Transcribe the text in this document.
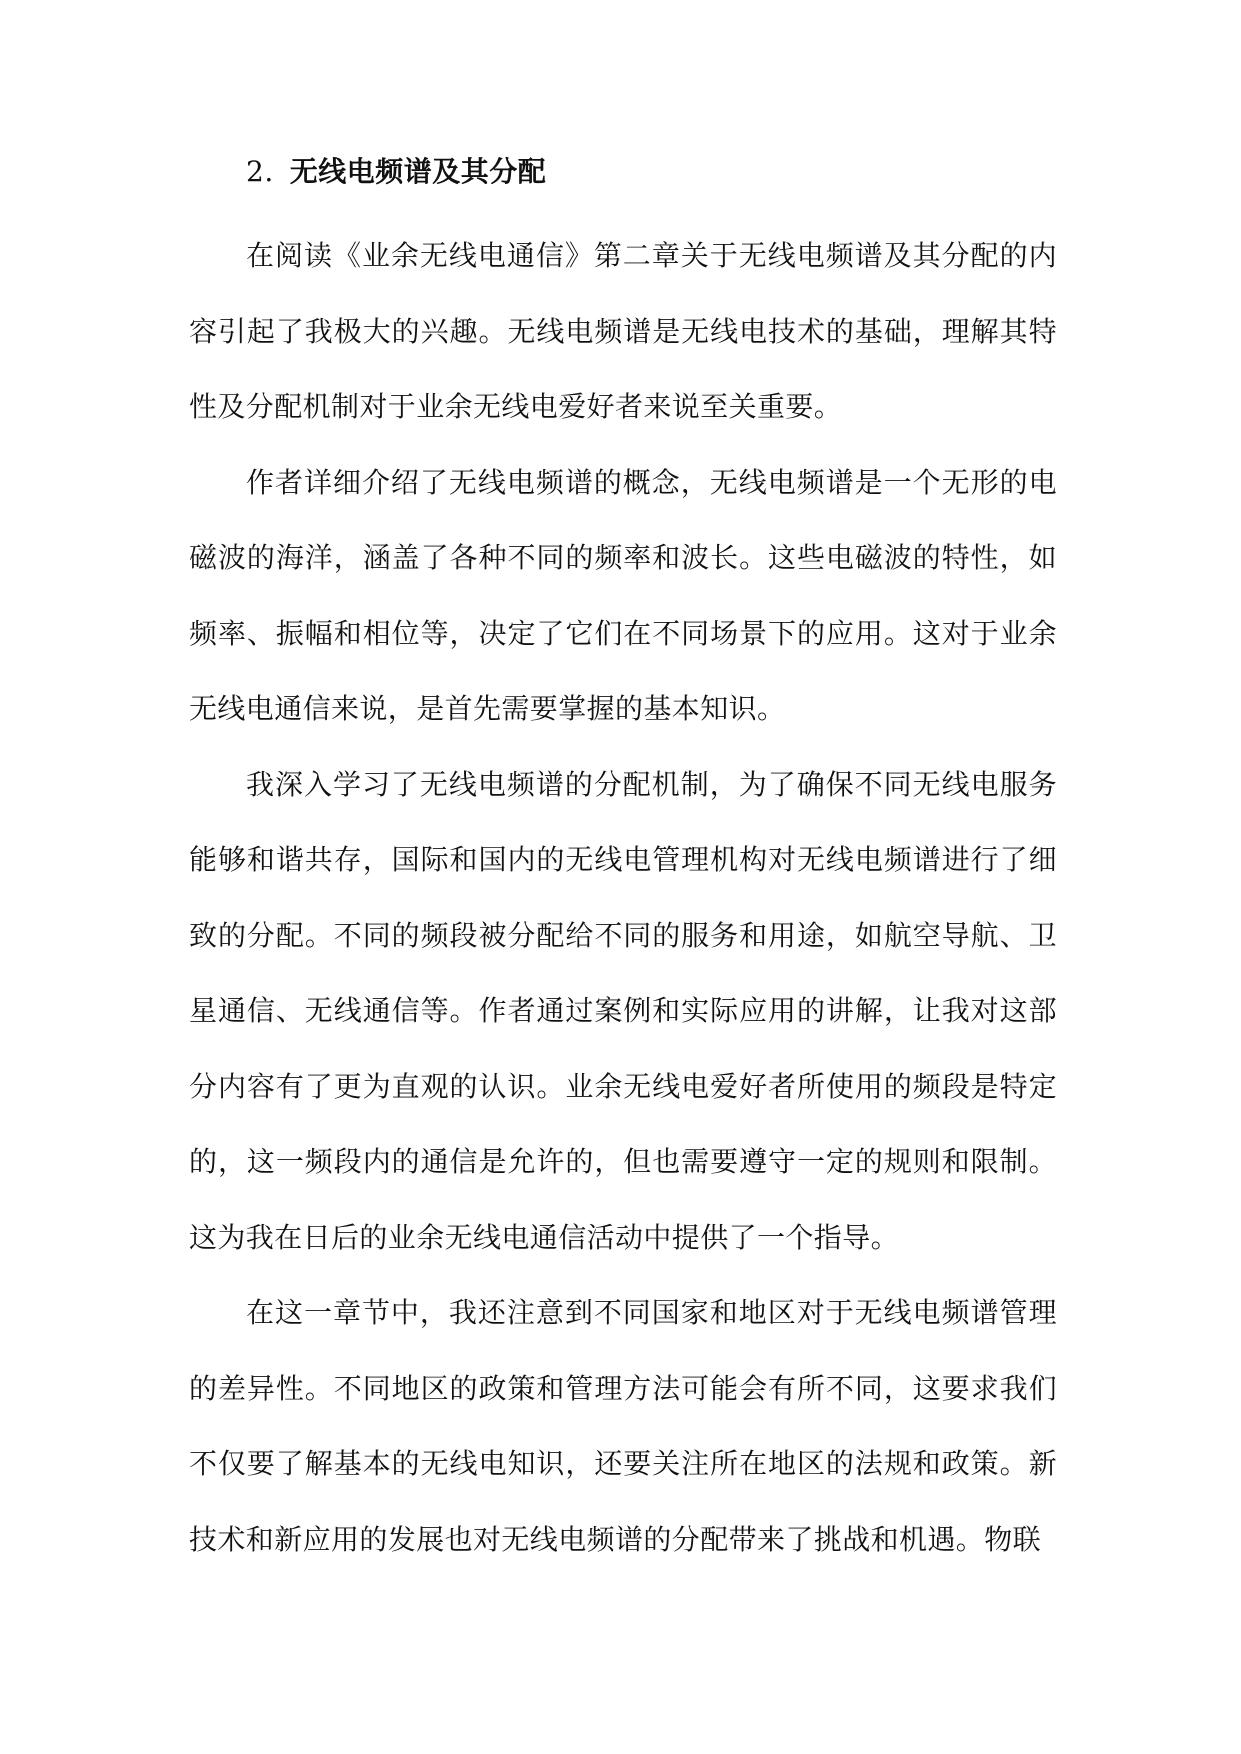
2. 无线电频谱及其分配

在阅读《业余无线电通信》第二章关于无线电频谱及其分配的内容引起了我极大的兴趣。无线电频谱是无线电技术的基础，理解其特性及分配机制对于业余无线电爱好者来说至关重要。

作者详细介绍了无线电频谱的概念，无线电频谱是一个无形的电磁波的海洋，涵盖了各种不同的频率和波长。这些电磁波的特性，如频率、振幅和相位等，决定了它们在不同场景下的应用。这对于业余无线电通信来说，是首先需要掌握的基本知识。

我深入学习了无线电频谱的分配机制，为了确保不同无线电服务能够和谐共存，国际和国内的无线电管理机构对无线电频谱进行了细致的分配。不同的频段被分配给不同的服务和用途，如航空导航、卫星通信、无线通信等。作者通过案例和实际应用的讲解，让我对这部分内容有了更为直观的认识。业余无线电爱好者所使用的频段是特定的，这一频段内的通信是允许的，但也需要遵守一定的规则和限制。这为我在日后的业余无线电通信活动中提供了一个指导。

在这一章节中，我还注意到不同国家和地区对于无线电频谱管理的差异性。不同地区的政策和管理方法可能会有所不同，这要求我们不仅要了解基本的无线电知识，还要关注所在地区的法规和政策。新技术和新应用的发展也对无线电频谱的分配带来了挑战和机遇。物联
